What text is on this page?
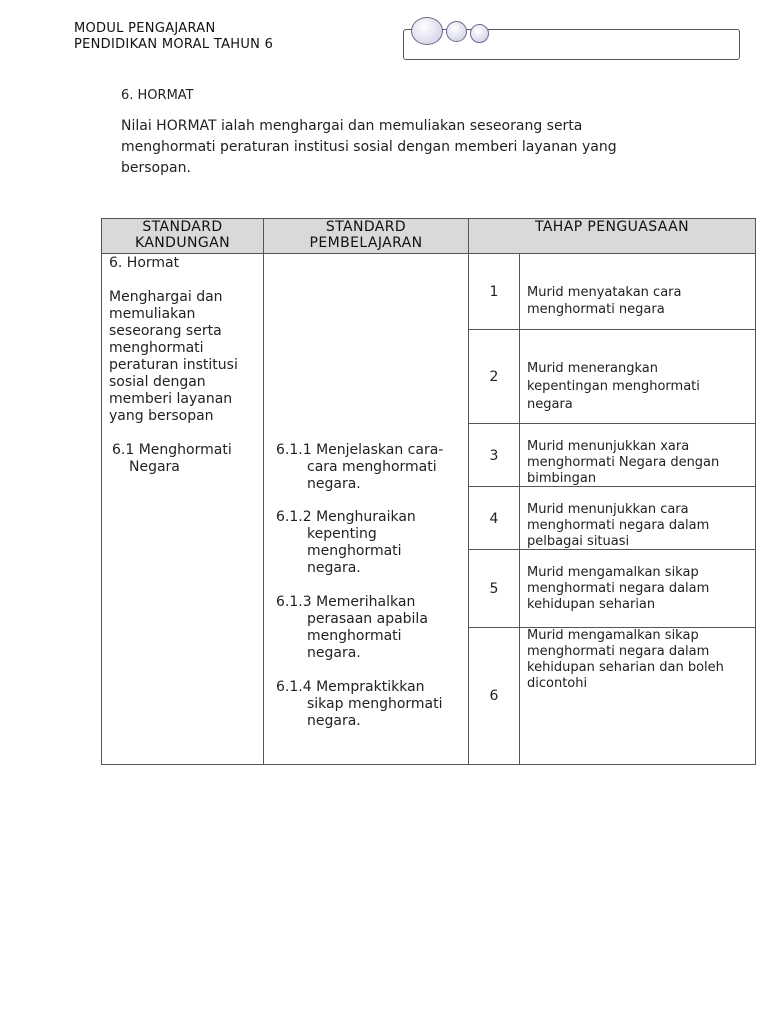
MODUL PENGAJARAN
PENDIDIKAN MORAL TAHUN 6
6. HORMAT
Nilai HORMAT ialah menghargai dan memuliakan seseorang serta menghormati peraturan institusi sosial dengan memberi layanan yang bersopan.
STANDARD
KANDUNGAN
STANDARD
PEMBELAJARAN
TAHAP PENGUASAAN
6. Hormat
Menghargai dan
memuliakan
seseorang serta
menghormati
peraturan institusi
sosial dengan
memberi layanan
yang bersopan
6.1 Menghormati
Negara
6.1.1 Menjelaskan cara-
cara menghormati
negara.
6.1.2 Menghuraikan
kepenting
menghormati
negara.
6.1.3 Memerihalkan
perasaan apabila
menghormati
negara.
6.1.4 Mempraktikkan
sikap menghormati
negara.
1
2
3
4
5
6
Murid menyatakan cara
menghormati negara
Murid menerangkan
kepentingan menghormati
negara
Murid menunjukkan xara
menghormati Negara dengan
bimbingan
Murid menunjukkan cara
menghormati negara dalam
pelbagai situasi
Murid mengamalkan sikap
menghormati negara dalam
kehidupan seharian
Murid mengamalkan sikap
menghormati negara dalam
kehidupan seharian dan boleh
dicontohi
